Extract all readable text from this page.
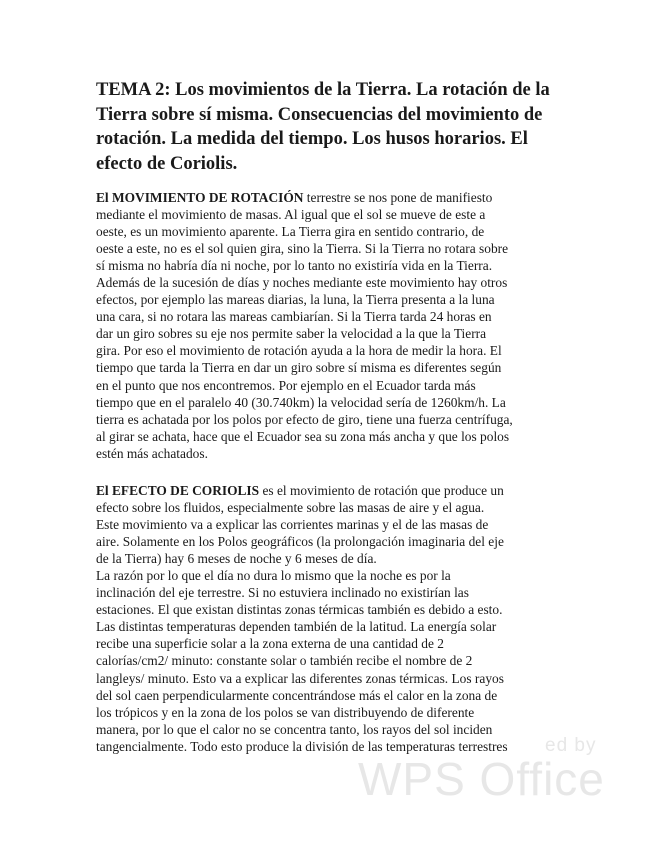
TEMA 2: Los movimientos de la Tierra. La rotación de la Tierra sobre sí misma. Consecuencias del movimiento de rotación. La medida del tiempo. Los husos horarios. El efecto de Coriolis.

El MOVIMIENTO DE ROTACIÓN terrestre se nos pone de manifiesto
mediante el movimiento de masas. Al igual que el sol se mueve de este a
oeste, es un movimiento aparente. La Tierra gira en sentido contrario, de
oeste a este, no es el sol quien gira, sino la Tierra. Si la Tierra no rotara sobre
sí misma no habría día ni noche, por lo tanto no existiría vida en la Tierra.
Además de la sucesión de días y noches mediante este movimiento hay otros
efectos, por ejemplo las mareas diarias, la luna, la Tierra presenta a la luna
una cara, si no rotara las mareas cambiarían. Si la Tierra tarda 24 horas en
dar un giro sobres su eje nos permite saber la velocidad a la que la Tierra
gira. Por eso el movimiento de rotación ayuda a la hora de medir la hora. El
tiempo que tarda la Tierra en dar un giro sobre sí misma es diferentes según
en el punto que nos encontremos. Por ejemplo en el Ecuador tarda más
tiempo que en el paralelo 40 (30.740km) la velocidad sería de 1260km/h. La
tierra es achatada por los polos por efecto de giro, tiene una fuerza centrífuga,
al girar se achata, hace que el Ecuador sea su zona más ancha y que los polos
estén más achatados.

El EFECTO DE CORIOLIS es el movimiento de rotación que produce un
efecto sobre los fluidos, especialmente sobre las masas de aire y el agua.
Este movimiento va a explicar las corrientes marinas y el de las masas de
aire. Solamente en los Polos geográficos (la prolongación imaginaria del eje
de la Tierra) hay 6 meses de noche y 6 meses de día.
La razón por lo que el día no dura lo mismo que la noche es por la
inclinación del eje terrestre. Si no estuviera inclinado no existirían las
estaciones. El que existan distintas zonas térmicas también es debido a esto.
Las distintas temperaturas dependen también de la latitud. La energía solar
recibe una superficie solar a la zona externa de una cantidad de 2
calorías/cm2/ minuto: constante solar o también recibe el nombre de 2
langleys/ minuto. Esto va a explicar las diferentes zonas térmicas. Los rayos
del sol caen perpendicularmente concentrándose más el calor en la zona de
los trópicos y en la zona de los polos se van distribuyendo de diferente
manera, por lo que el calor no se concentra tanto, los rayos del sol inciden
tangencialmente. Todo esto produce la división de las temperaturas terrestres	ed by
WPS Office
